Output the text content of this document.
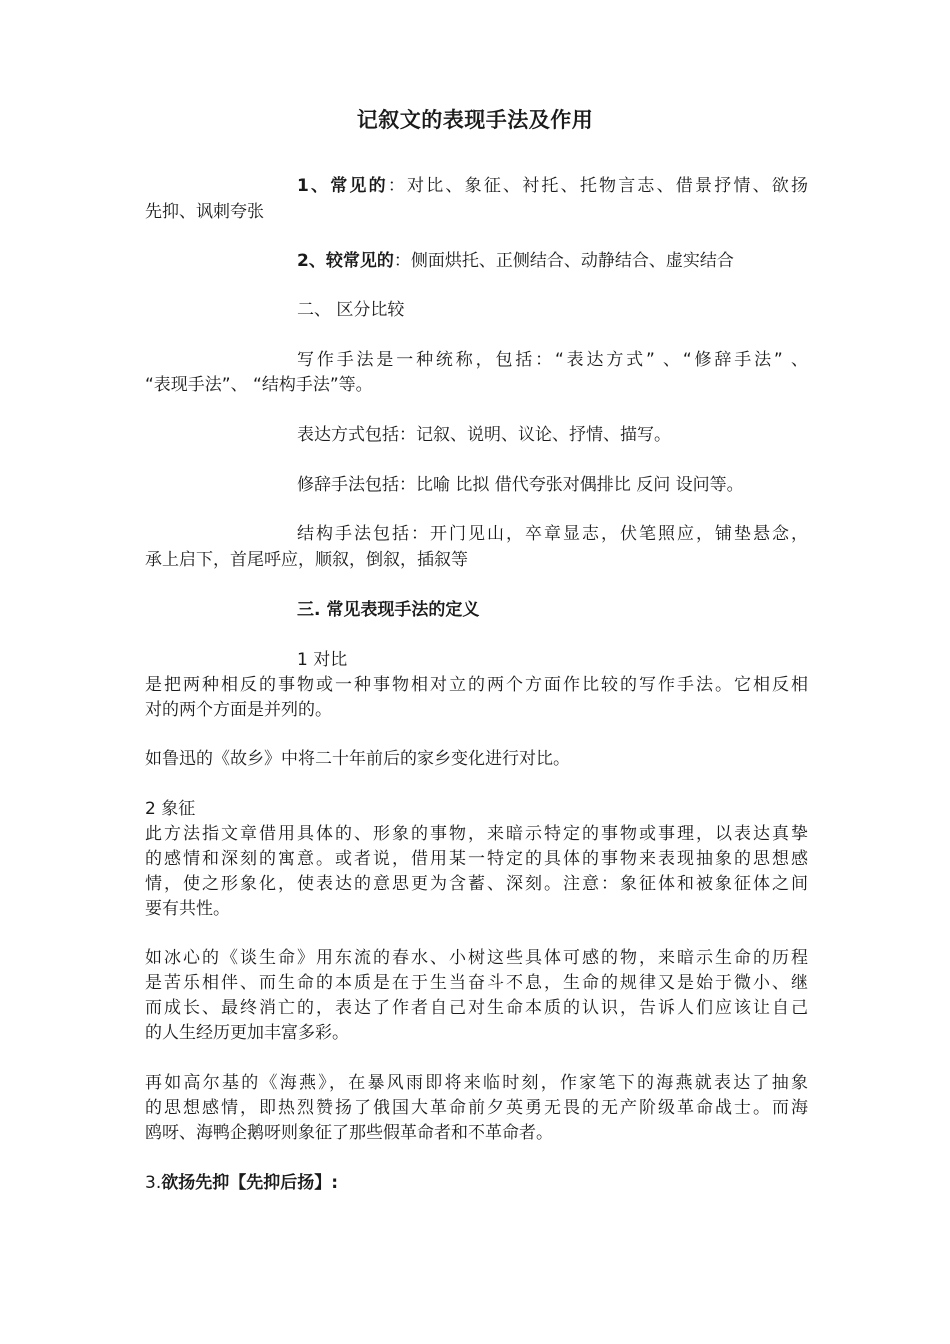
记叙文的表现手法及作用
1、常见的：对比、象征、衬托、托物言志、借景抒情、欲扬
先抑、讽刺夸张
2、较常见的：侧面烘托、正侧结合、动静结合、虚实结合
二、 区分比较
写作手法是一种统称，包括：“表达方式” 、“修辞手法” 、
“表现手法”、 “结构手法”等。
表达方式包括：记叙、说明、议论、抒情、描写。
修辞手法包括：比喻 比拟 借代夸张对偶排比 反问 设问等。
结构手法包括：开门见山，卒章显志，伏笔照应，铺垫悬念，
承上启下，首尾呼应，顺叙，倒叙，插叙等
三. 常见表现手法的定义
1 对比
是把两种相反的事物或一种事物相对立的两个方面作比较的写作手法。它相反相
对的两个方面是并列的。
如鲁迅的《故乡》中将二十年前后的家乡变化进行对比。
2 象征
此方法指文章借用具体的、形象的事物，来暗示特定的事物或事理，以表达真挚
的感情和深刻的寓意。或者说，借用某一特定的具体的事物来表现抽象的思想感
情，使之形象化，使表达的意思更为含蓄、深刻。注意：象征体和被象征体之间
要有共性。
如冰心的《谈生命》用东流的春水、小树这些具体可感的物，来暗示生命的历程
是苦乐相伴、而生命的本质是在于生当奋斗不息，生命的规律又是始于微小、继
而成长、最终消亡的，表达了作者自己对生命本质的认识，告诉人们应该让自己
的人生经历更加丰富多彩。
再如高尔基的《海燕》，在暴风雨即将来临时刻，作家笔下的海燕就表达了抽象
的思想感情，即热烈赞扬了俄国大革命前夕英勇无畏的无产阶级革命战士。而海
鸥呀、海鸭企鹅呀则象征了那些假革命者和不革命者。
3.欲扬先抑【先抑后扬】:
